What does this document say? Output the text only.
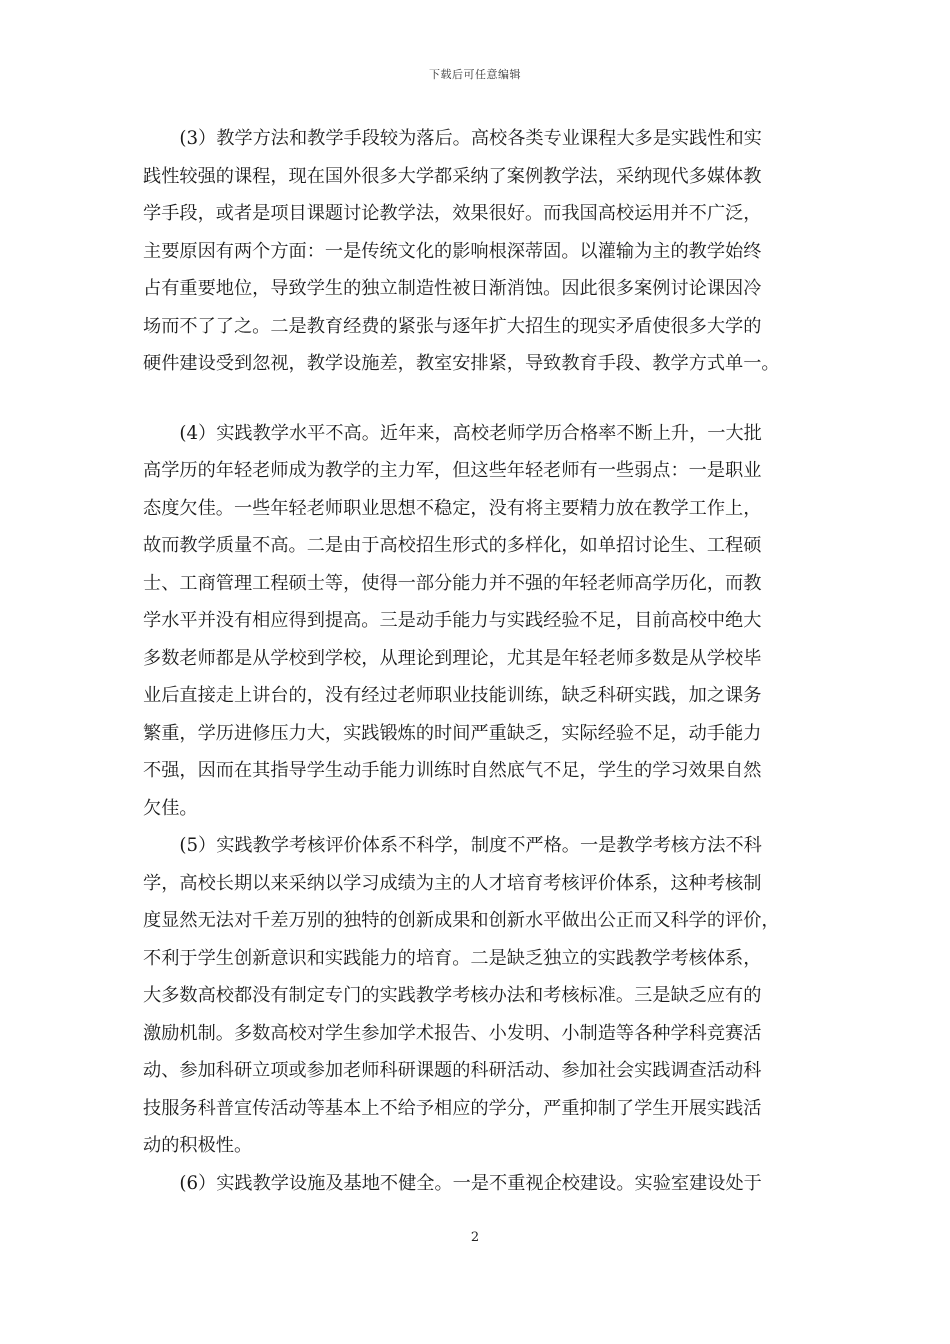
下载后可任意编辑

　　(3）教学方法和教学手段较为落后。高校各类专业课程大多是实践性和实
践性较强的课程，现在国外很多大学都采纳了案例教学法，采纳现代多媒体教
学手段，或者是项目课题讨论教学法，效果很好。而我国高校运用并不广泛，
主要原因有两个方面：一是传统文化的影响根深蒂固。以灌输为主的教学始终
占有重要地位，导致学生的独立制造性被日渐消蚀。因此很多案例讨论课因冷
场而不了了之。二是教育经费的紧张与逐年扩大招生的现实矛盾使很多大学的
硬件建设受到忽视，教学设施差，教室安排紧，导致教育手段、教学方式单一。

　　(4）实践教学水平不高。近年来，高校老师学历合格率不断上升，一大批
高学历的年轻老师成为教学的主力军，但这些年轻老师有一些弱点：一是职业
态度欠佳。一些年轻老师职业思想不稳定，没有将主要精力放在教学工作上，
故而教学质量不高。二是由于高校招生形式的多样化，如单招讨论生、工程硕
士、工商管理工程硕士等，使得一部分能力并不强的年轻老师高学历化，而教
学水平并没有相应得到提高。三是动手能力与实践经验不足，目前高校中绝大
多数老师都是从学校到学校，从理论到理论，尤其是年轻老师多数是从学校毕
业后直接走上讲台的，没有经过老师职业技能训练，缺乏科研实践，加之课务
繁重，学历进修压力大，实践锻炼的时间严重缺乏，实际经验不足，动手能力
不强，因而在其指导学生动手能力训练时自然底气不足，学生的学习效果自然
欠佳。

　　(5）实践教学考核评价体系不科学，制度不严格。一是教学考核方法不科
学，高校长期以来采纳以学习成绩为主的人才培育考核评价体系，这种考核制
度显然无法对千差万别的独特的创新成果和创新水平做出公正而又科学的评价，
不利于学生创新意识和实践能力的培育。二是缺乏独立的实践教学考核体系，
大多数高校都没有制定专门的实践教学考核办法和考核标准。三是缺乏应有的
激励机制。多数高校对学生参加学术报告、小发明、小制造等各种学科竞赛活
动、参加科研立项或参加老师科研课题的科研活动、参加社会实践调查活动科
技服务科普宣传活动等基本上不给予相应的学分，严重抑制了学生开展实践活
动的积极性。

　　(6）实践教学设施及基地不健全。一是不重视企校建设。实验室建设处于

2
